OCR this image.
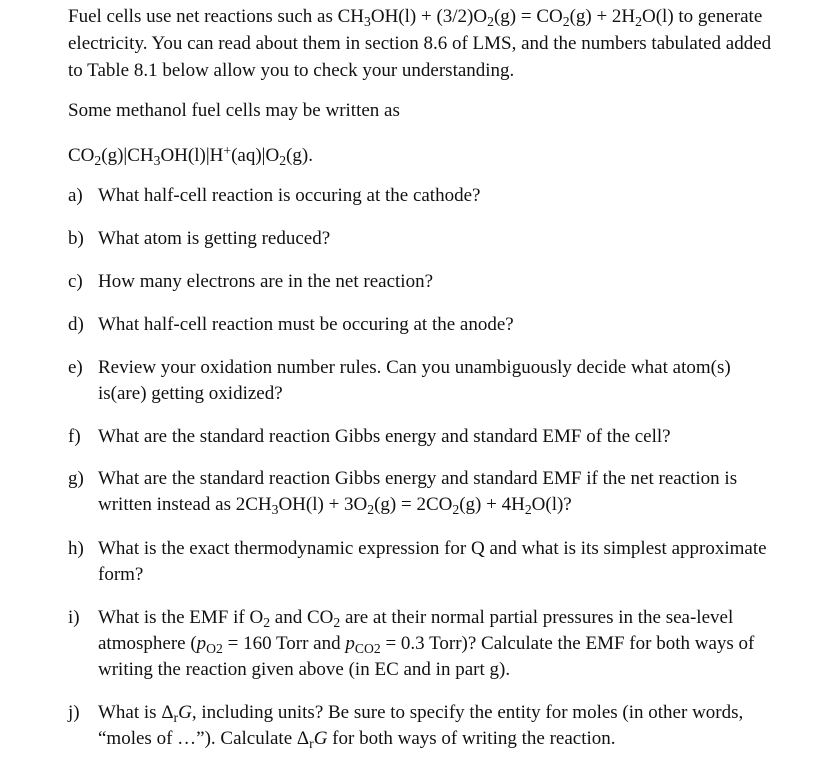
Fuel cells use net reactions such as $CH_3OH(l) + (3/2)O_2(g) = CO_2(g) + 2H_2O(l)$ to generate electricity. You can read about them in section 8.6 of LMS, and the numbers tabulated added to Table 8.1 below allow you to check your understanding.
Some methanol fuel cells may be written as
$CO_2(g)|CH_3OH(l)|H^+(aq)|O_2(g)$.
a) What half-cell reaction is occuring at the cathode?
b) What atom is getting reduced?
c) How many electrons are in the net reaction?
d) What half-cell reaction must be occuring at the anode?
e) Review your oxidation number rules. Can you unambiguously decide what atom(s) is(are) getting oxidized?
f) What are the standard reaction Gibbs energy and standard EMF of the cell?
g) What are the standard reaction Gibbs energy and standard EMF if the net reaction is written instead as $2CH_3OH(l) + 3O_2(g) = 2CO_2(g) + 4H_2O(l)$?
h) What is the exact thermodynamic expression for Q and what is its simplest approximate form?
i) What is the EMF if $O_2$ and $CO_2$ are at their normal partial pressures in the sea-level atmosphere ($p_{O2} = 160$ Torr and $p_{CO2} = 0.3$ Torr)? Calculate the EMF for both ways of writing the reaction given above (in EC and in part g).
j) What is $\Delta_rG$, including units? Be sure to specify the entity for moles (in other words, “moles of …”). Calculate $\Delta_rG$ for both ways of writing the reaction.
